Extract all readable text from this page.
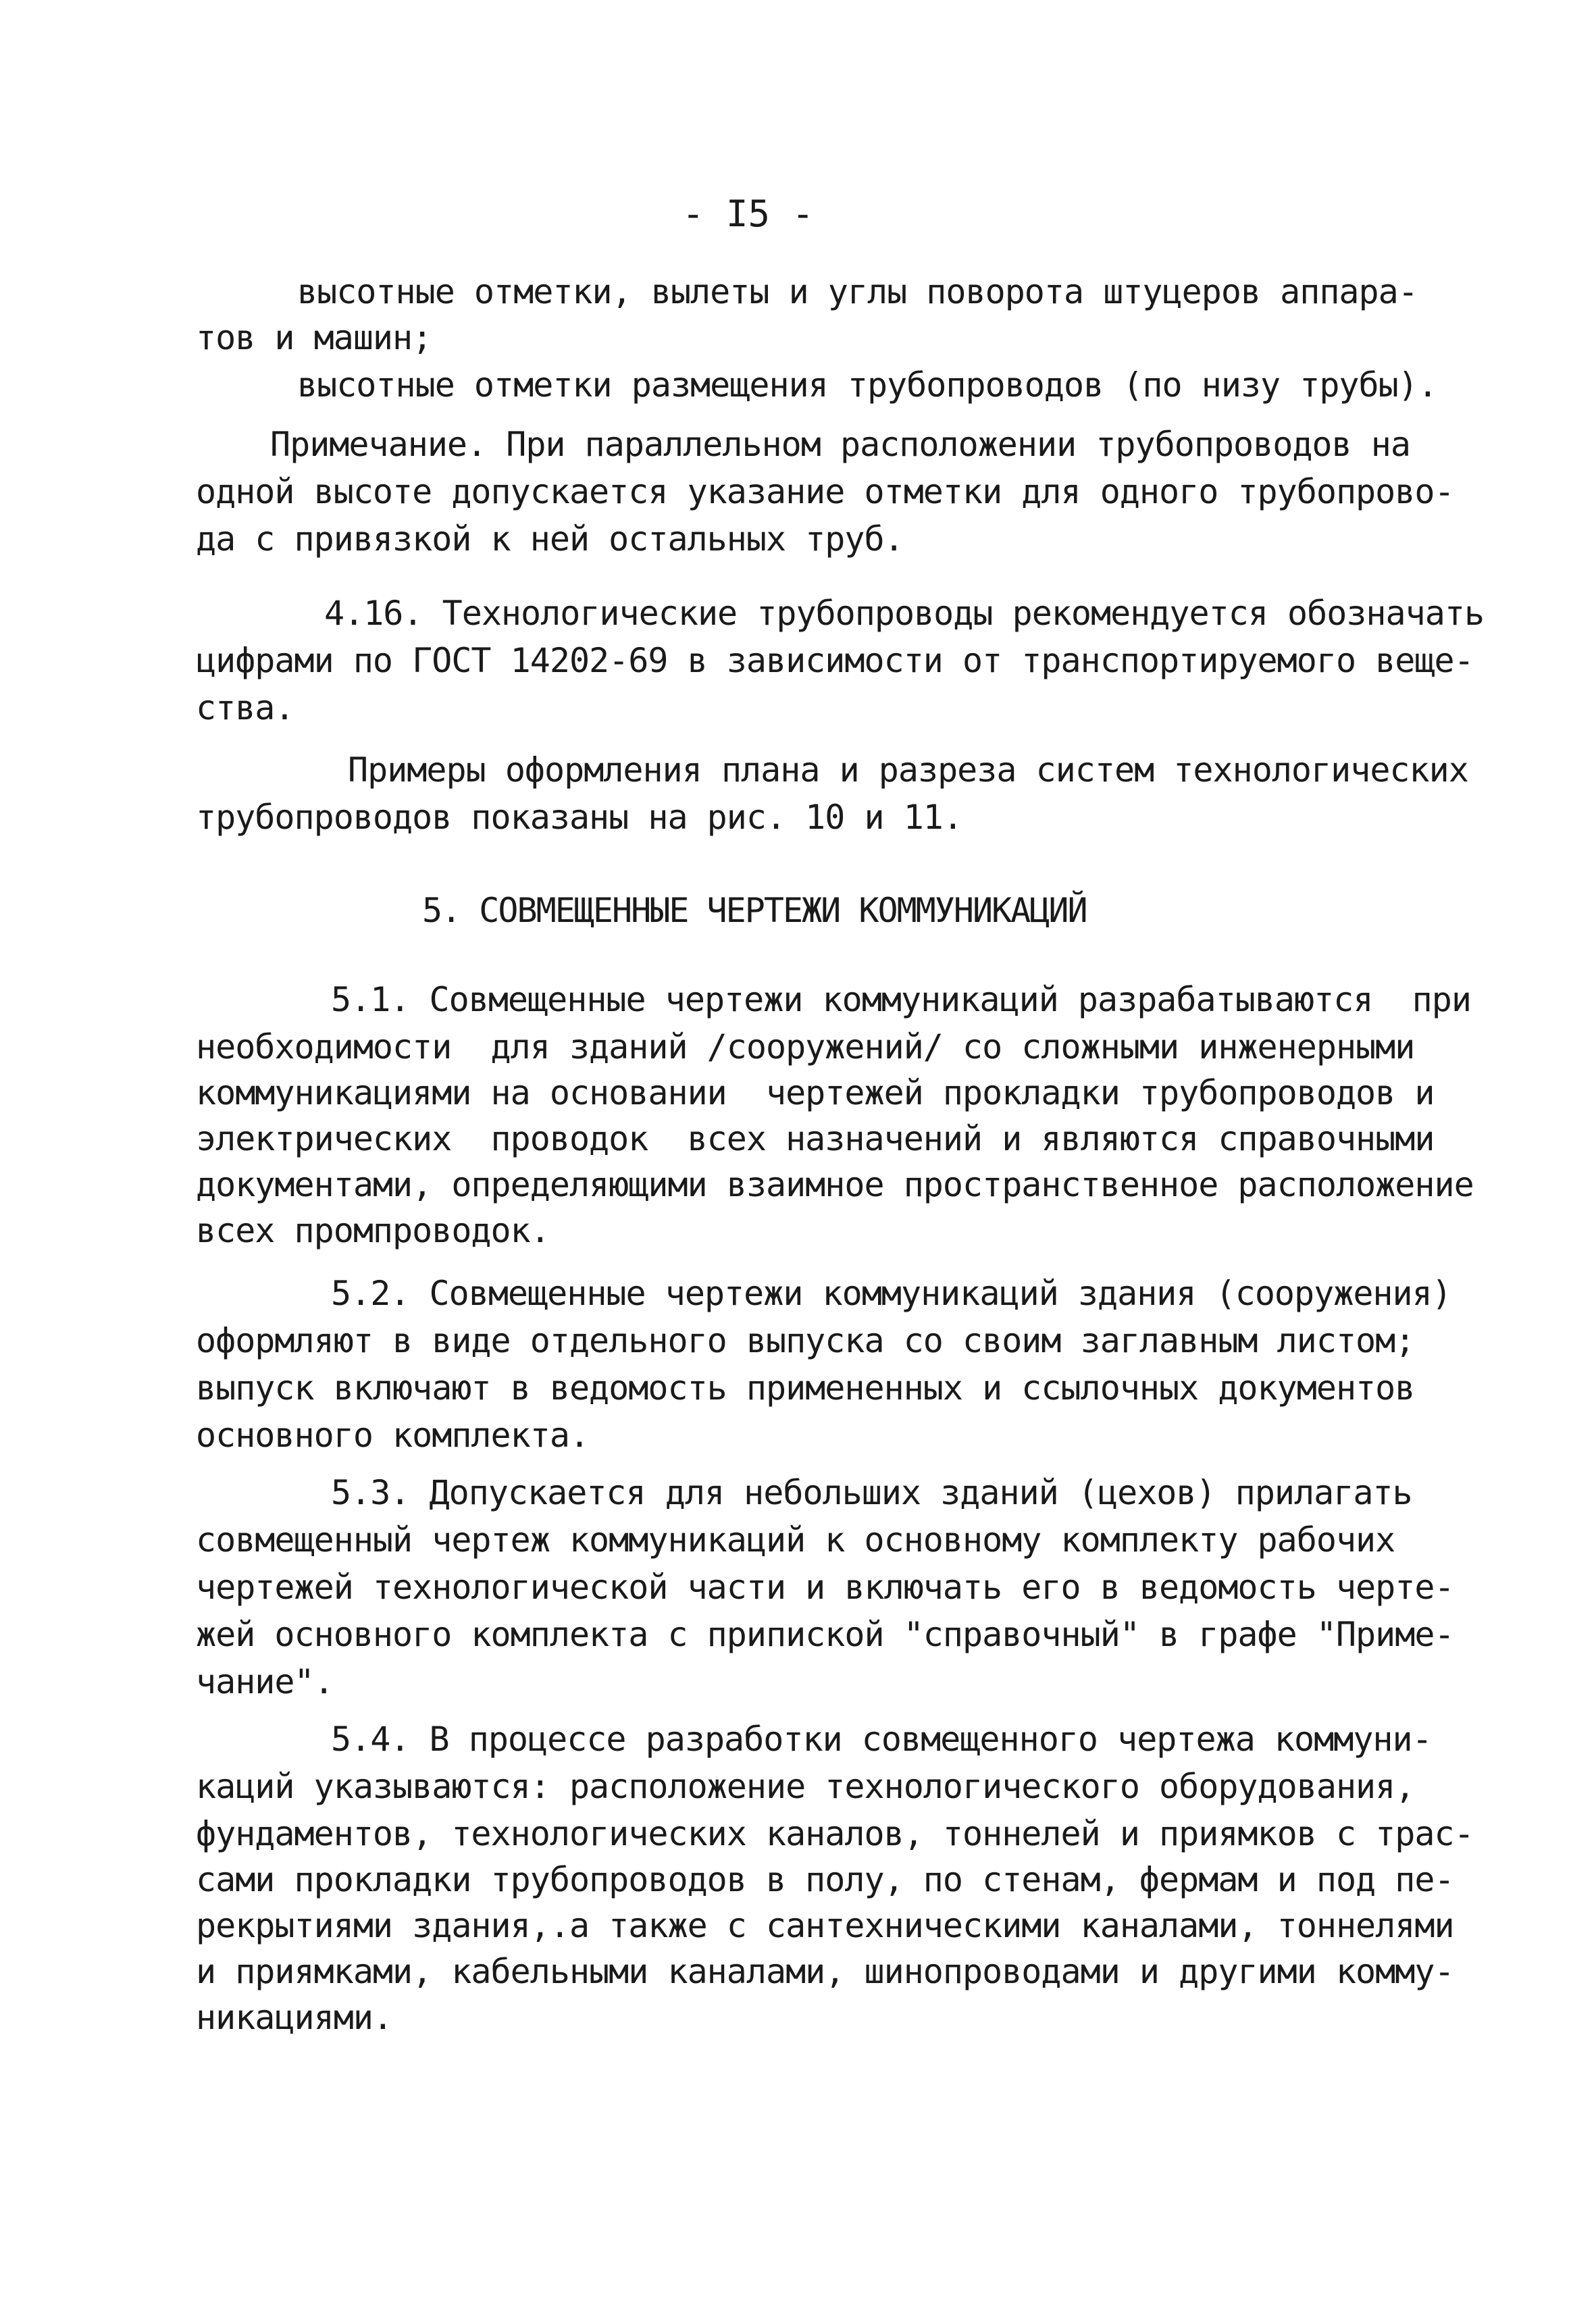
- I5 -
высотные отметки, вылеты и углы поворота штуцеров аппара-
тов и машин;
высотные отметки размещения трубопроводов (по низу трубы).
Примечание. При параллельном расположении трубопроводов на
одной высоте допускается указание отметки для одного трубопрово-
да с привязкой к ней остальных труб.
4.16. Технологические трубопроводы рекомендуется обозначать
цифрами по ГОСТ 14202-69 в зависимости от транспортируемого веще-
ства.
Примеры оформления плана и разреза систем технологических
трубопроводов показаны на рис. 10 и 11.
5. СОВМЕЩЕННЫЕ ЧЕРТЕЖИ КОММУНИКАЦИЙ
5.1. Совмещенные чертежи коммуникаций разрабатываются  при
необходимости  для зданий /сооружений/ со сложными инженерными
коммуникациями на основании  чертежей прокладки трубопроводов и
электрических  проводок  всех назначений и являются справочными
документами, определяющими взаимное пространственное расположение
всех промпроводок.
5.2. Совмещенные чертежи коммуникаций здания (сооружения)
оформляют в виде отдельного выпуска со своим заглавным листом;
выпуск включают в ведомость примененных и ссылочных документов
основного комплекта.
5.3. Допускается для небольших зданий (цехов) прилагать
совмещенный чертеж коммуникаций к основному комплекту рабочих
чертежей технологической части и включать его в ведомость черте-
жей основного комплекта с припиской "справочный" в графе "Приме-
чание".
5.4. В процессе разработки совмещенного чертежа коммуни-
каций указываются: расположение технологического оборудования,
фундаментов, технологических каналов, тоннелей и приямков с трас-
сами прокладки трубопроводов в полу, по стенам, фермам и под пе-
рекрытиями здания,.а также с сантехническими каналами, тоннелями
и приямками, кабельными каналами, шинопроводами и другими комму-
никациями.
